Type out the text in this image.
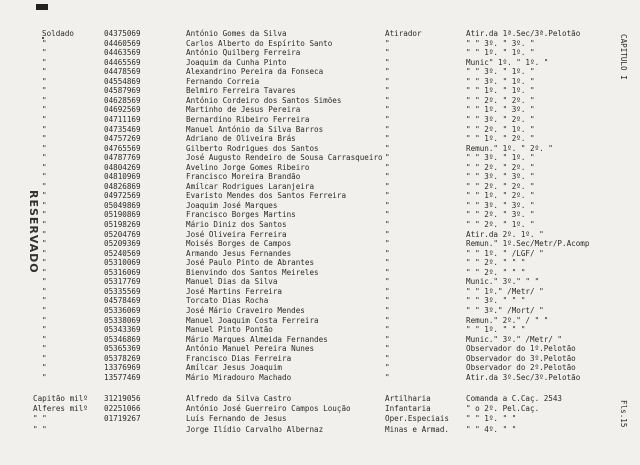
RESERVADO
CAPITULO I
Fls.15
Soldado	04375069	António Gomes da Silva	Atirador	Atir.da 1ª.Sec/3ª.Pelotão
"	04460569	Carlos Alberto do Espírito Santo	"	" " 3º. " 3º. "
"	04463569	António Quilberg Ferreira	"	" " 1º. " 1º. "
"	04465569	Joaquim da Cunha Pinto	"	Munic" 1º. " 1º. "
"	04478569	Alexandrino Pereira da Fonseca	"	" " 3º. " 1º. "
"	04554869	Fernando Correia	"	" " 3º. " 1º. "
"	04587969	Belmiro Ferreira Tavares	"	" " 1º. " 1º. "
"	04628569	António Cordeiro dos Santos Simões	"	" " 2º. " 2º. "
"	04692569	Martinho de Jesus Pereira	"	" " 1º. " 3º. "
"	04711169	Bernardino Ribeiro Ferreira	"	" " 3º. " 2º. "
"	04735469	Manuel António da Silva Barros	"	" " 2º. " 1º. "
"	04757269	Adriano de Oliveira Brás	"	" " 1º. " 2º. "
"	04765569	Gilberto Rodrigues dos Santos	"	Remun." 1º. " 2º. "
"	04787769	José Augusto Rendeiro de Sousa Carrasqueiro "	" " 3º. " 1º. "
"	04804269	Avelino Jorge Gomes Ribeiro	"	" " 2º. " 2º. "
"	04810969	Francisco Moreira Brandão	"	" " 3º. " 3º. "
"	04826869	Amílcar Rodrigues Laranjeira	"	" " 2º. " 2º. "
"	04972569	Evaristo Mendes dos Santos Ferreira	"	" " 1º. " 2º. "
"	05049869	Joaquim José Marques	"	" " 3º. " 3º. "
"	05190869	Francisco Borges Martins	"	" " 2º. " 3º. "
"	05198269	Mário Diniz dos Santos	"	" " 2º. " 1º. "
"	05204769	José Oliveira Ferreira	"	Atir.da 2º. 1º. "
"	05209369	Moisés Borges de Campos	"	Remun." 1º.Sec/Metr/P.Acomp
"	05240569	Armando Jesus Fernandes	"	" " 1º. " /LGF/ "
"	05310069	José Paulo Pinto de Abrantes	"	" " 2º. " " "
"	05316069	Bienvindo dos Santos Meireles	"	" " 2º. " " "
"	05317769	Manuel Dias da Silva	"	Munic." 3º." " "
"	05335569	José Martins Ferreira	"	" " 1º." /Metr/ "
"	04578469	Torcato Dias Rocha	"	" " 3º. " " "
"	05336069	José Mário Craveiro Mendes	"	" " 3º." /Mort/ "
"	05338069	Manuel Joaquim Costa Ferreira	"	Remun." 2º." / " "
"	05343369	Manuel Pinto Pontão	"	" " 1º. " " "
"	05346869	Mário Marques Almeida Fernandes	"	Munic." 3º." /Metr/ "
"	05365369	António Manuel Pereira Nunes	"	Observador do 1º.Pelotão
"	05378269	Francisco Dias Ferreira	"	Observador do 3º.Pelotão
"	13376969	Amílcar Jesus Joaquim	"	Observador do 2º.Pelotão
"	13577469	Mário Miradouro Machado	"	Atir.da 3º.Sec/3º.Pelotão
Capitão milº 31219056	Alfredo da Silva Castro	Artilharia	Comanda a C.Caç. 2543
Alferes milº 02251066	António José Guerreiro Campos Loução	Infantaria	" o 2º. Pel.Caç.
" "	01719267	Luís Fernando de Jesus	Oper.Especiais " " 1º. " "
" "	Jorge Ilídio Carvalho Albernaz	Minas e Armad. " " 4º. " "
